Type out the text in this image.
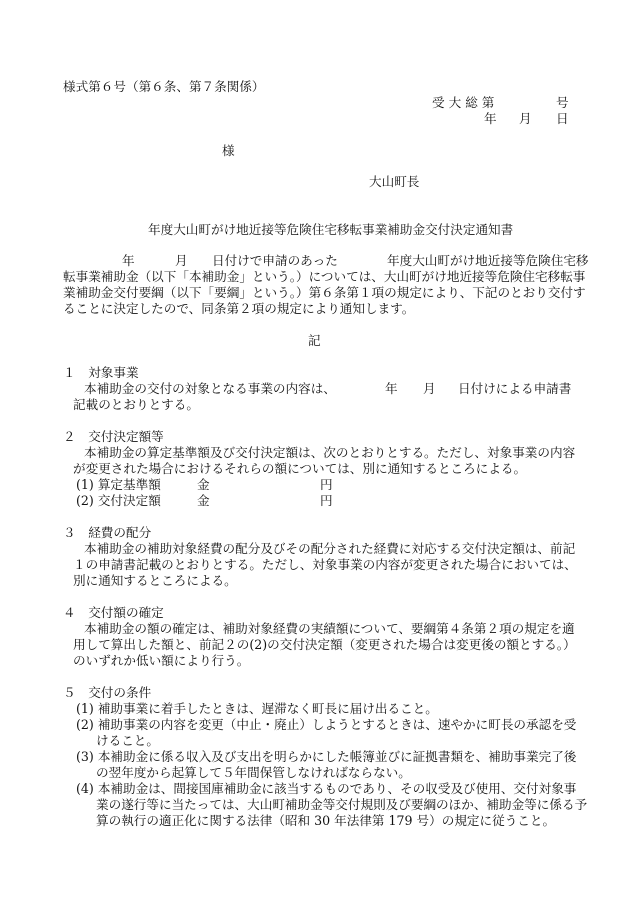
様式第６号（第６条、第７条関係）
受 大 総 第	号
年 月 日
様
大山町長
年度大山町がけ地近接等危険住宅移転事業補助金交付決定通知書
年	月 日付けで申請のあった	年度大山町がけ地近接等危険住宅移
転事業補助金（以下「本補助金」という。）については、大山町がけ地近接等危険住宅移転事
業補助金交付要綱（以下「要綱」という。）第６条第１項の規定により、下記のとおり交付す
ることに決定したので、同条第２項の規定により通知します。
記
１　対象事業
本補助金の交付の対象となる事業の内容は、	年 月 日付けによる申請書
記載のとおりとする。
２　交付決定額等
本補助金の算定基準額及び交付決定額は、次のとおりとする。ただし、対象事業の内容
が変更された場合におけるそれらの額については、別に通知するところによる。
(1) 算定基準額	金	円
(2) 交付決定額	金	円
３　経費の配分
本補助金の補助対象経費の配分及びその配分された経費に対応する交付決定額は、前記
１の申請書記載のとおりとする。ただし、対象事業の内容が変更された場合においては、
別に通知するところによる。
４　交付額の確定
本補助金の額の確定は、補助対象経費の実績額について、要綱第４条第２項の規定を適
用して算出した額と、前記２の(2)の交付決定額（変更された場合は変更後の額とする。）
のいずれか低い額により行う。
５　交付の条件
(1) 補助事業に着手したときは、遅滞なく町長に届け出ること。
(2) 補助事業の内容を変更（中止・廃止）しようとするときは、速やかに町長の承認を受
けること。
(3) 本補助金に係る収入及び支出を明らかにした帳簿並びに証拠書類を、補助事業完了後
の翌年度から起算して５年間保管しなければならない。
(4) 本補助金は、間接国庫補助金に該当するものであり、その収受及び使用、交付対象事
業の遂行等に当たっては、大山町補助金等交付規則及び要綱のほか、補助金等に係る予
算の執行の適正化に関する法律（昭和 30 年法律第 179 号）の規定に従うこと。
